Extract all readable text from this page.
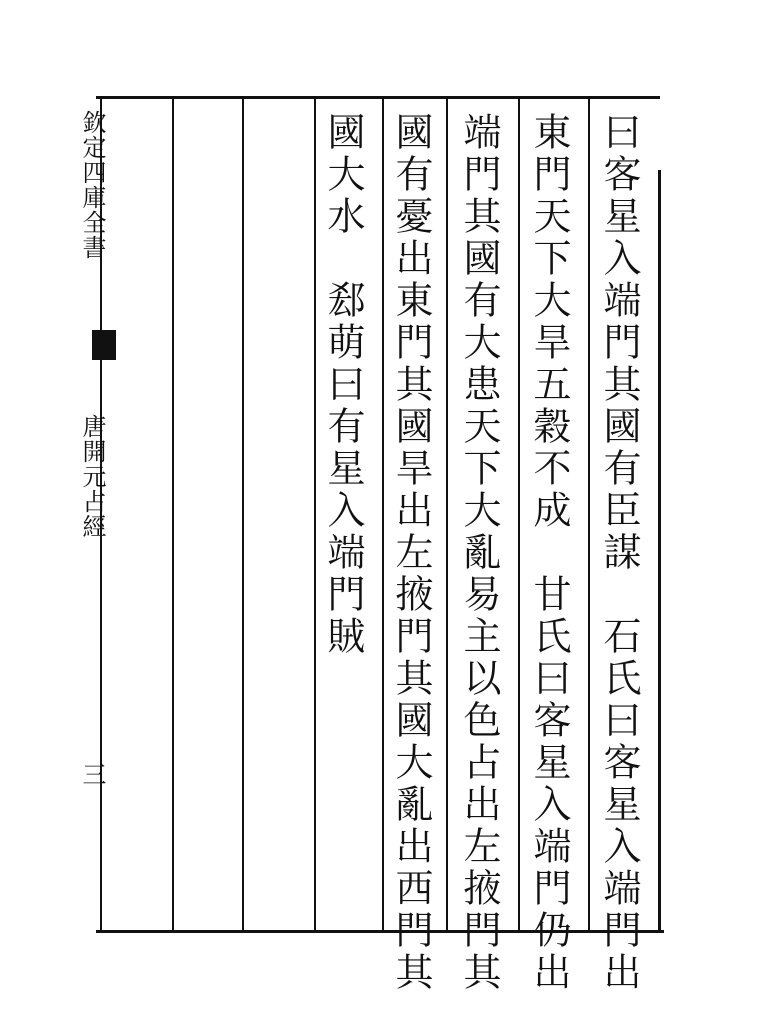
欽定四庫全書
唐開元占經
三	曰客星入端門其國有臣謀　石氏曰客星入端門出
東門天下大旱五穀不成　甘氏曰客星入端門仍出
端門其國有大患天下大亂易主以色占出左掖門其
國有憂出東門其國旱出左掖門其國大亂出西門其
國大水　郄萌曰有星入端門賊
